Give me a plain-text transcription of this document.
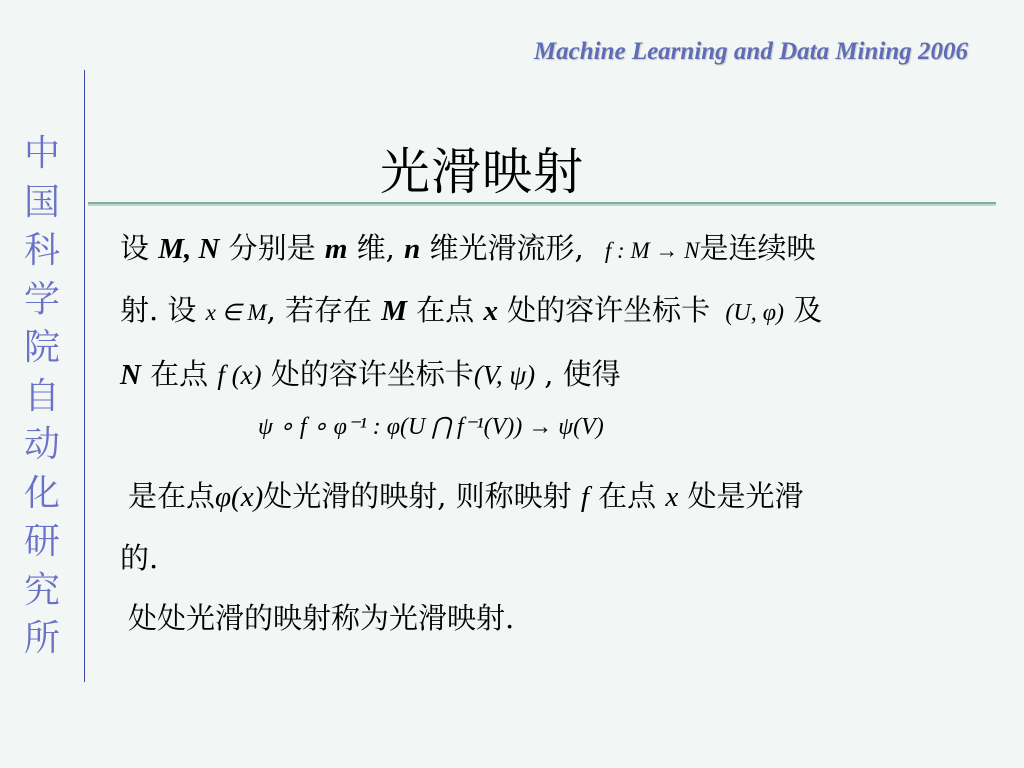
Machine Learning and Data Mining 2006
中
国
科
学
院
自
动
化
研
究
所
光滑映射
设 M, N 分别是 m 维, n 维光滑流形, f : M → N是连续映
射. 设 x ∈ M, 若存在 M 在点 x 处的容许坐标卡 (U, φ) 及
N 在点 f (x) 处的容许坐标卡(V, ψ) , 使得
ψ ∘ f ∘ φ⁻¹ : φ(U ⋂ f⁻¹(V)) → ψ(V)
是在点φ(x)处光滑的映射, 则称映射 f 在点 x 处是光滑
的.
处处光滑的映射称为光滑映射.
